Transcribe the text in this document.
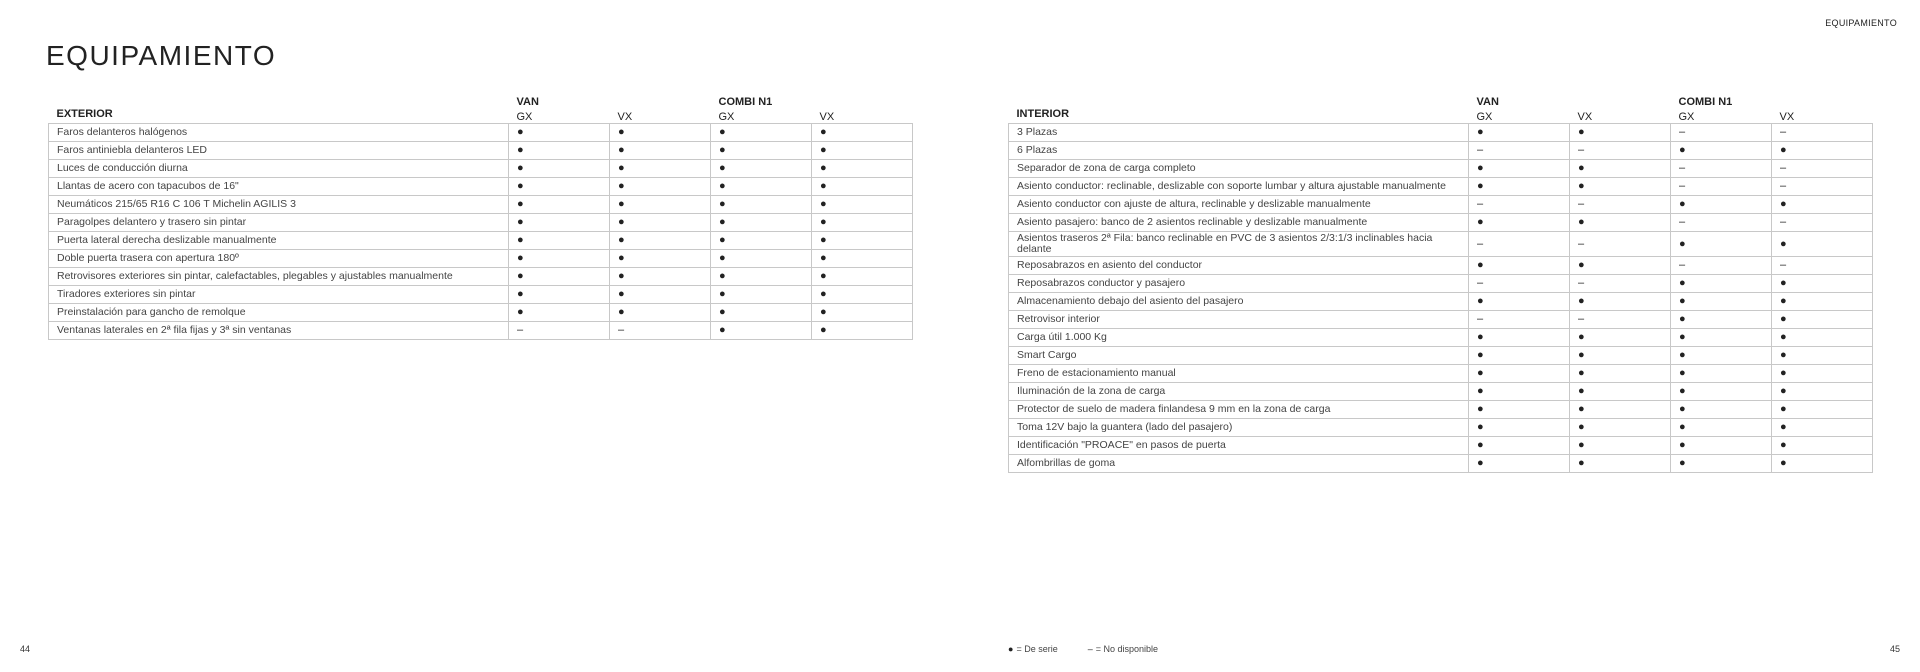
EQUIPAMIENTO
EQUIPAMIENTO
EXTERIOR	VAN		COMBI N1	
	GX	VX	GX	VX
Faros delanteros halógenos	●	●	●	●
Faros antiniebla delanteros LED	●	●	●	●
Luces de conducción diurna	●	●	●	●
Llantas de acero con tapacubos de 16"	●	●	●	●
Neumáticos 215/65 R16 C 106 T Michelin AGILIS 3	●	●	●	●
Paragolpes delantero y trasero sin pintar	●	●	●	●
Puerta lateral derecha deslizable manualmente	●	●	●	●
Doble puerta trasera con apertura 180º	●	●	●	●
Retrovisores exteriores sin pintar, calefactables, plegables y ajustables manualmente	●	●	●	●
Tiradores exteriores sin pintar	●	●	●	●
Preinstalación para gancho de remolque	●	●	●	●
Ventanas laterales en 2ª fila fijas y 3ª sin ventanas	–	–	●	●
INTERIOR	VAN		COMBI N1	
	GX	VX	GX	VX
3 Plazas	●	●	–	–
6 Plazas	–	–	●	●
Separador de zona de carga completo	●	●	–	–
Asiento conductor: reclinable, deslizable con soporte lumbar y altura ajustable manualmente	●	●	–	–
Asiento conductor con ajuste de altura, reclinable y deslizable manualmente	–	–	●	●
Asiento pasajero: banco de 2 asientos reclinable y deslizable manualmente	●	●	–	–
Asientos traseros 2ª Fila: banco reclinable en PVC de 3 asientos 2/3:1/3 inclinables hacia delante	–	–	●	●
Reposabrazos en asiento del conductor	●	●	–	–
Reposabrazos conductor y pasajero	–	–	●	●
Almacenamiento debajo del asiento del pasajero	●	●	●	●
Retrovisor interior	–	–	●	●
Carga útil 1.000 Kg	●	●	●	●
Smart Cargo	●	●	●	●
Freno de estacionamiento manual	●	●	●	●
Iluminación de la zona de carga	●	●	●	●
Protector de suelo de madera finlandesa 9 mm en la zona de carga	●	●	●	●
Toma 12V bajo la guantera (lado del pasajero)	●	●	●	●
Identificación "PROACE" en pasos de puerta	●	●	●	●
Alfombrillas de goma	●	●	●	●
● = De serie	– = No disponible
44	45
